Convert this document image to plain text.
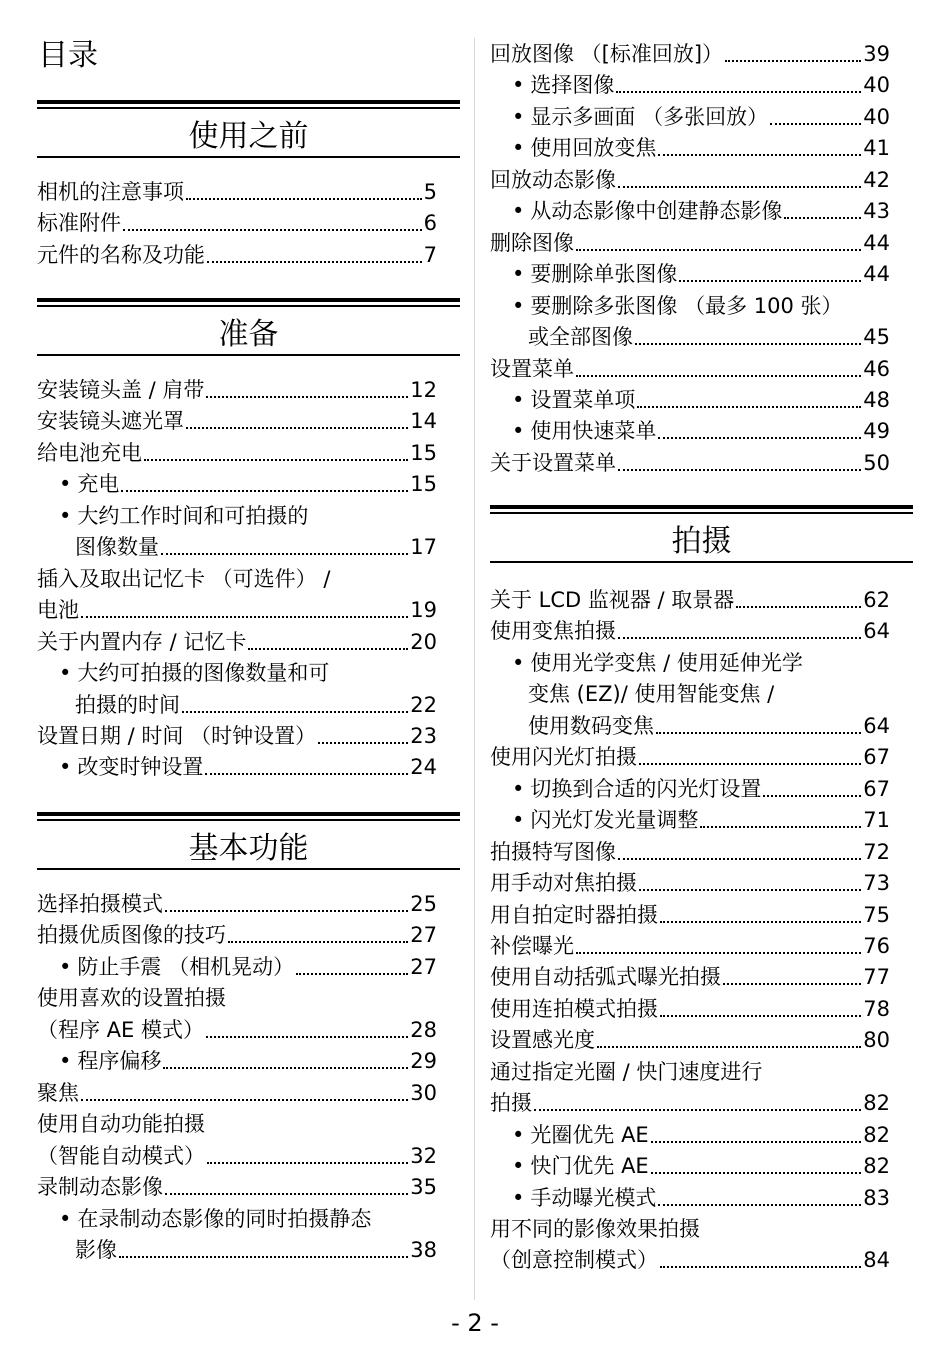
目录
使用之前
相机的注意事项	5
标准附件	6
元件的名称及功能	7
准备
安装镜头盖 / 肩带	12
安装镜头遮光罩	14
给电池充电	15
• 充电	15
• 大约工作时间和可拍摄的
图像数量	17
插入及取出记忆卡 （可选件） /
电池	19
关于内置内存 / 记忆卡	20
• 大约可拍摄的图像数量和可
拍摄的时间	22
设置日期 / 时间 （时钟设置）	23
• 改变时钟设置	24
基本功能
选择拍摄模式	25
拍摄优质图像的技巧	27
• 防止手震 （相机晃动）	27
使用喜欢的设置拍摄
（程序 AE 模式）	28
• 程序偏移	29
聚焦	30
使用自动功能拍摄
（智能自动模式）	32
录制动态影像	35
• 在录制动态影像的同时拍摄静态
影像	38
回放图像 （[标准回放]）	39
• 选择图像	40
• 显示多画面 （多张回放）	40
• 使用回放变焦	41
回放动态影像	42
• 从动态影像中创建静态影像	43
删除图像	44
• 要删除单张图像	44
• 要删除多张图像 （最多 100 张）
或全部图像	45
设置菜单	46
• 设置菜单项	48
• 使用快速菜单	49
关于设置菜单	50
拍摄
关于 LCD 监视器 / 取景器	62
使用变焦拍摄	64
• 使用光学变焦 / 使用延伸光学
变焦 (EZ)/ 使用智能变焦 /
使用数码变焦	64
使用闪光灯拍摄	67
• 切换到合适的闪光灯设置	67
• 闪光灯发光量调整	71
拍摄特写图像	72
用手动对焦拍摄	73
用自拍定时器拍摄	75
补偿曝光	76
使用自动括弧式曝光拍摄	77
使用连拍模式拍摄	78
设置感光度	80
通过指定光圈 / 快门速度进行
拍摄	82
• 光圈优先 AE	82
• 快门优先 AE	82
• 手动曝光模式	83
用不同的影像效果拍摄
（创意控制模式）	84
- 2 -
